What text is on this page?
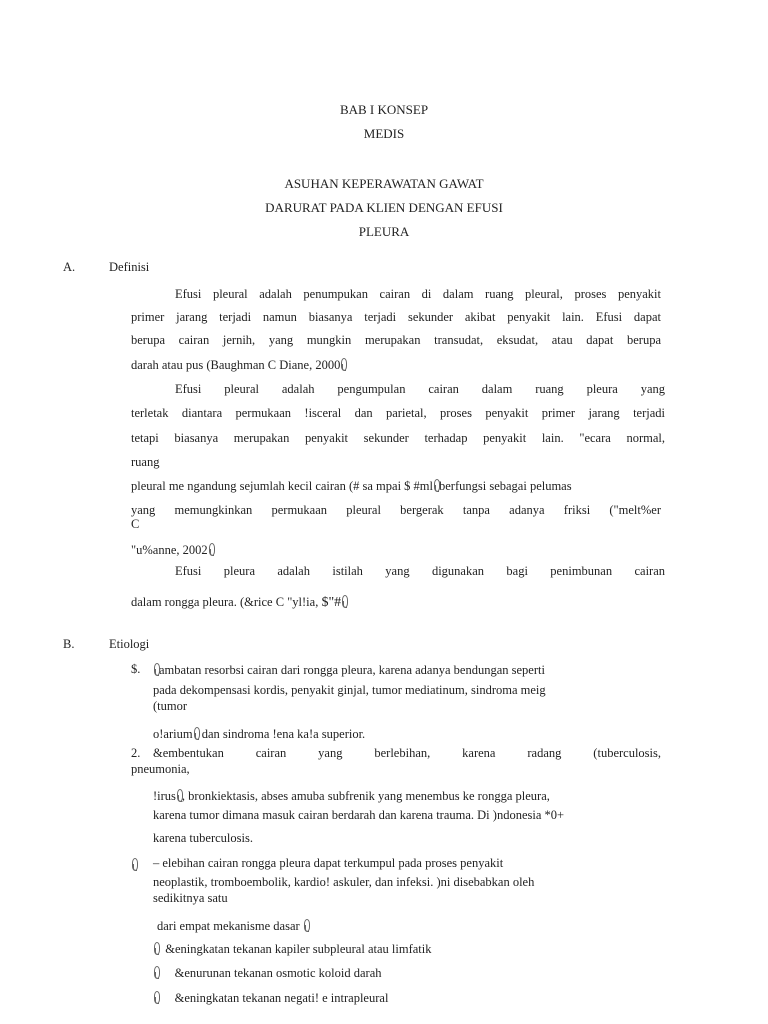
BAB I KONSEP
MEDIS
ASUHAN KEPERAWATAN GAWAT
DARURAT PADA KLIEN DENGAN EFUSI
PLEURA
A.	Definisi
Efusi pleural adalah penumpukan cairan di dalam ruang pleural, proses penyakit
primer jarang terjadi namun biasanya terjadi sekunder akibat penyakit lain. Efusi dapat
berupa cairan jernih, yang mungkin merupakan transudat, eksudat, atau dapat berupa
darah atau pus (Baughman C Diane, 2000
Efusi pleural adalah pengumpulan cairan dalam ruang pleura yang
terletak diantara permukaan !isceral dan parietal, proses penyakit primer jarang terjadi
tetapi biasanya merupakan penyakit sekunder terhadap penyakit lain. "ecara normal,
ruang
pleural me ngandung sejumlah kecil cairan (# sa mpai $ #ml berfungsi sebagai pelumas
yang memungkinkan permukaan pleural bergerak tanpa adanya friksi ("melt%er
C
"u%anne, 2002
Efusi pleura adalah istilah yang digunakan bagi penimbunan cairan
dalam rongga pleura. (&rice C "yl!ia, $"#
B.	Etiologi
$.	ambatan resorbsi cairan dari rongga pleura, karena adanya bendungan seperti
pada dekompensasi kordis, penyakit ginjal, tumor mediatinum, sindroma meig
(tumor
o!arium dan sindroma !ena ka!a superior.
2. &embentukan cairan yang berlebihan, karena radang (tuberculosis,
pneumonia,
!irus , bronkiektasis, abses amuba subfrenik yang menembus ke rongga pleura,
karena tumor dimana masuk cairan berdarah dan karena trauma. Di )ndonesia *0+
karena tuberculosis.
– elebihan cairan rongga pleura dapat terkumpul pada proses penyakit
neoplastik, tromboembolik, kardio! askuler, dan infeksi. )ni disebabkan oleh
sedikitnya satu
dari empat mekanisme dasar
&eningkatan tekanan kapiler subpleural atau limfatik
&enurunan tekanan osmotic koloid darah
&eningkatan tekanan negati! e intrapleural
